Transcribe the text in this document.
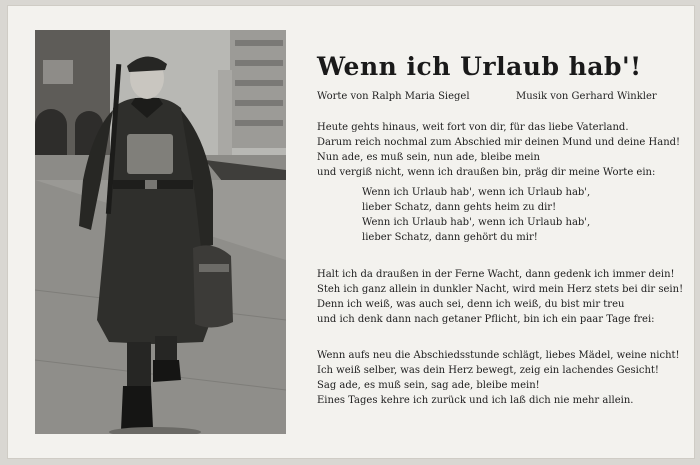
Wenn ich Urlaub hab'!
Worte von Ralph Maria Siegel	Musik von Gerhard Winkler
Heute gehts hinaus, weit fort von dir, für das liebe Vaterland.
Darum reich nochmal zum Abschied mir deinen Mund und deine Hand!
Nun ade, es muß sein, nun ade, bleibe mein
und vergiß nicht, wenn ich draußen bin, präg dir meine Worte ein:
Wenn ich Urlaub hab', wenn ich Urlaub hab',
lieber Schatz, dann gehts heim zu dir!
Wenn ich Urlaub hab', wenn ich Urlaub hab',
lieber Schatz, dann gehört du mir!
Halt ich da draußen in der Ferne Wacht, dann gedenk ich immer dein!
Steh ich ganz allein in dunkler Nacht, wird mein Herz stets bei dir sein!
Denn ich weiß, was auch sei, denn ich weiß, du bist mir treu
und ich denk dann nach getaner Pflicht, bin ich ein paar Tage frei:
Wenn aufs neu die Abschiedsstunde schlägt, liebes Mädel, weine nicht!
Ich weiß selber, was dein Herz bewegt, zeig ein lachendes Gesicht!
Sag ade, es muß sein, sag ade, bleibe mein!
Eines Tages kehre ich zurück und ich laß dich nie mehr allein.
